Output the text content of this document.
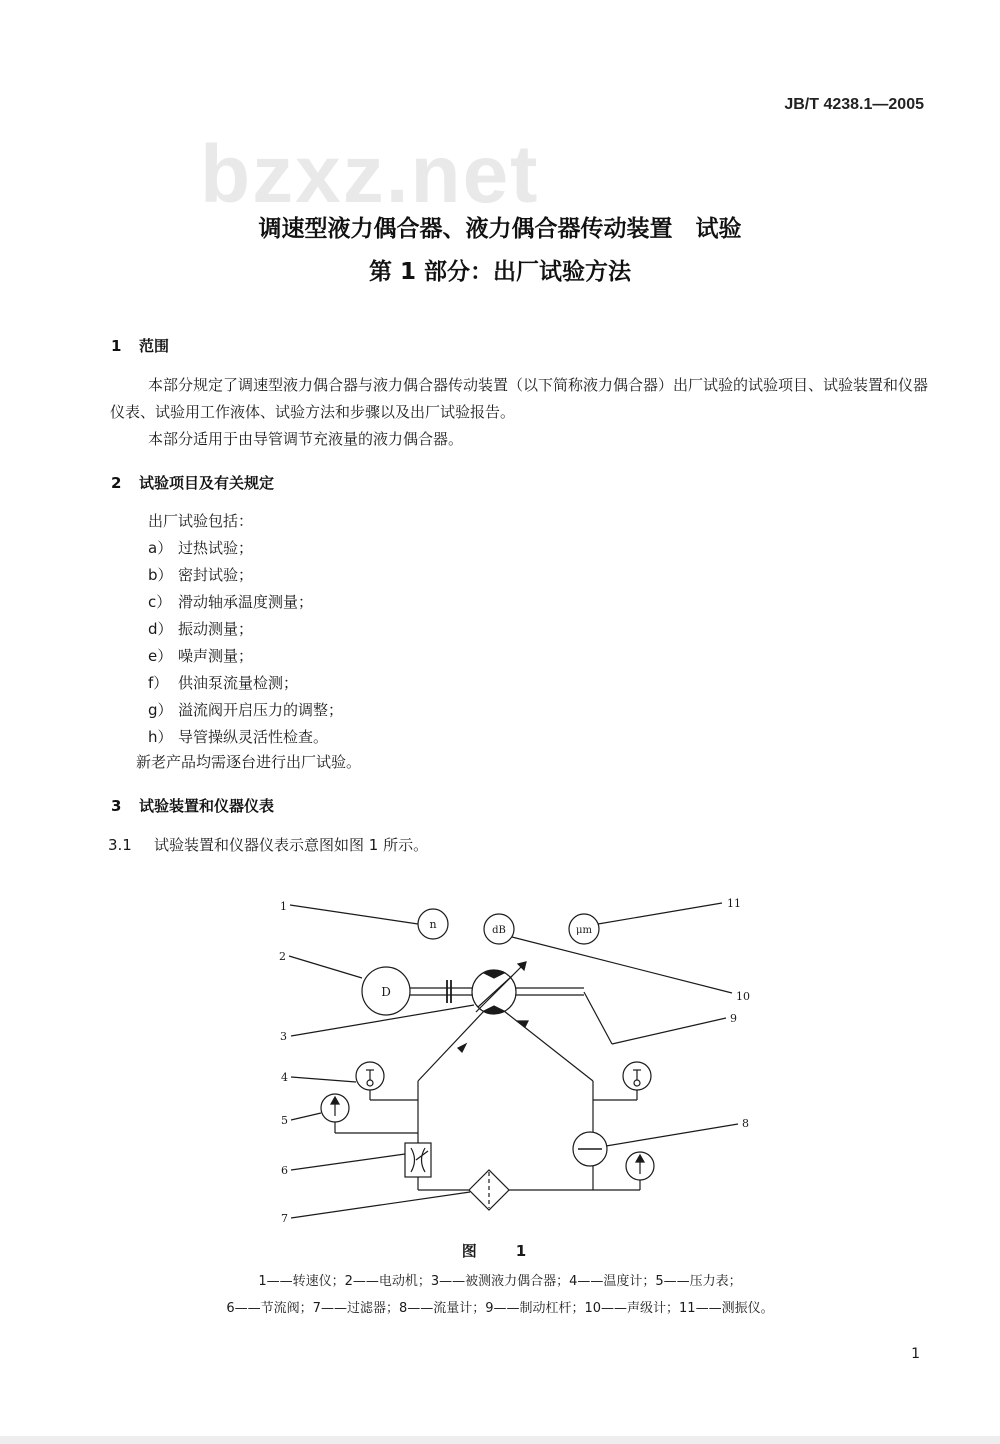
JB/T 4238.1—2005
bzxz.net
调速型液力偶合器、液力偶合器传动装置　试验
第 1 部分：出厂试验方法
1 范围
本部分规定了调速型液力偶合器与液力偶合器传动装置（以下简称液力偶合器）出厂试验的试验项目、试验装置和仪器仪表、试验用工作液体、试验方法和步骤以及出厂试验报告。
本部分适用于由导管调节充液量的液力偶合器。
2 试验项目及有关规定
出厂试验包括：
a） 过热试验；
b） 密封试验；
c） 滑动轴承温度测量；
d） 振动测量；
e） 噪声测量；
f） 供油泵流量检测；
g） 溢流阀开启压力的调整；
h） 导管操纵灵活性检查。
新老产品均需逐台进行出厂试验。
3 试验装置和仪器仪表
3.1 试验装置和仪器仪表示意图如图 1 所示。
1
n	dB
10
μm
11
2
D
3
9
4
5
6
7
8
图　1
1——转速仪；2——电动机；3——被测液力偶合器；4——温度计；5——压力表；
6——节流阀；7——过滤器；8——流量计；9——制动杠杆；10——声级计；11——测振仪。
1
